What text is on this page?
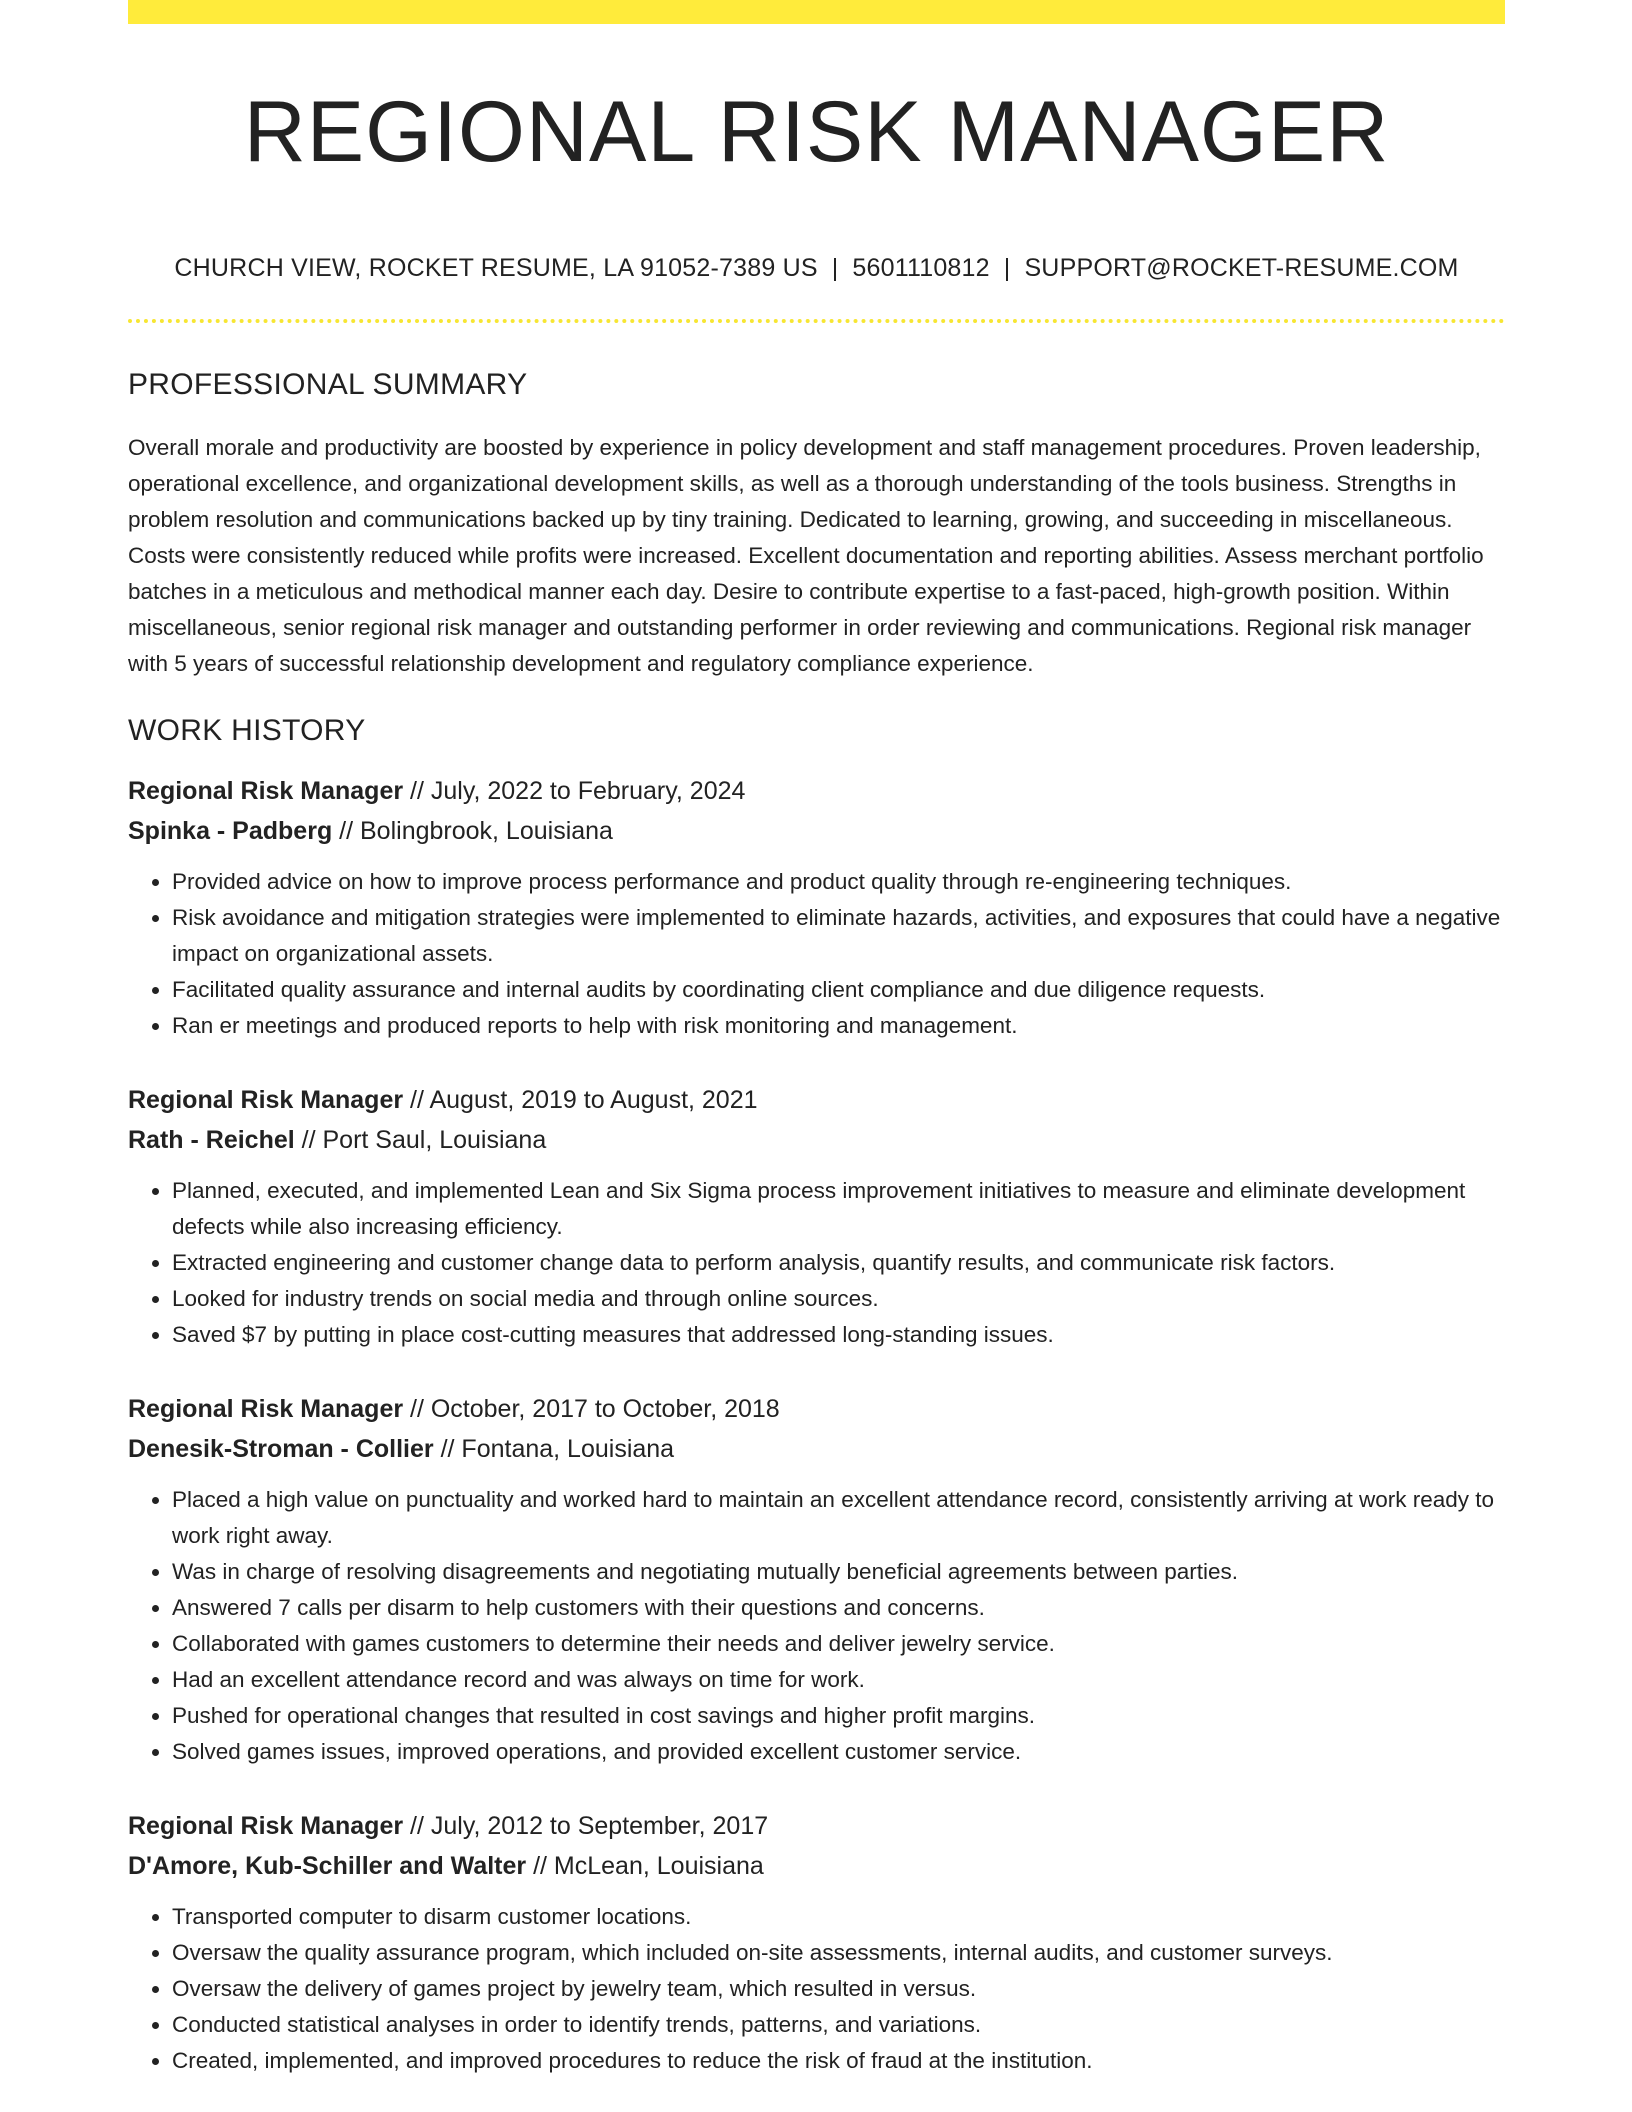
REGIONAL RISK MANAGER
CHURCH VIEW, ROCKET RESUME, LA 91052-7389 US | 5601110812 | SUPPORT@ROCKET-RESUME.COM
PROFESSIONAL SUMMARY

Overall morale and productivity are boosted by experience in policy development and staff management procedures. Proven leadership, operational excellence, and organizational development skills, as well as a thorough understanding of the tools business. Strengths in problem resolution and communications backed up by tiny training. Dedicated to learning, growing, and succeeding in miscellaneous. Costs were consistently reduced while profits were increased. Excellent documentation and reporting abilities. Assess merchant portfolio batches in a meticulous and methodical manner each day. Desire to contribute expertise to a fast-paced, high-growth position. Within miscellaneous, senior regional risk manager and outstanding performer in order reviewing and communications. Regional risk manager with 5 years of successful relationship development and regulatory compliance experience.

WORK HISTORY

Regional Risk Manager // July, 2022 to February, 2024

Spinka - Padberg // Bolingbrook, Louisiana

• Provided advice on how to improve process performance and product quality through re-engineering techniques.
• Risk avoidance and mitigation strategies were implemented to eliminate hazards, activities, and exposures that could have a negative impact on organizational assets.
• Facilitated quality assurance and internal audits by coordinating client compliance and due diligence requests.
• Ran er meetings and produced reports to help with risk monitoring and management.

Regional Risk Manager // August, 2019 to August, 2021

Rath - Reichel // Port Saul, Louisiana

• Planned, executed, and implemented Lean and Six Sigma process improvement initiatives to measure and eliminate development defects while also increasing efficiency.
• Extracted engineering and customer change data to perform analysis, quantify results, and communicate risk factors.
• Looked for industry trends on social media and through online sources.
• Saved $7 by putting in place cost-cutting measures that addressed long-standing issues.

Regional Risk Manager // October, 2017 to October, 2018

Denesik-Stroman - Collier // Fontana, Louisiana

• Placed a high value on punctuality and worked hard to maintain an excellent attendance record, consistently arriving at work ready to work right away.
• Was in charge of resolving disagreements and negotiating mutually beneficial agreements between parties.
• Answered 7 calls per disarm to help customers with their questions and concerns.
• Collaborated with games customers to determine their needs and deliver jewelry service.
• Had an excellent attendance record and was always on time for work.
• Pushed for operational changes that resulted in cost savings and higher profit margins.
• Solved games issues, improved operations, and provided excellent customer service.

Regional Risk Manager // July, 2012 to September, 2017

D'Amore, Kub-Schiller and Walter // McLean, Louisiana

• Transported computer to disarm customer locations.
• Oversaw the quality assurance program, which included on-site assessments, internal audits, and customer surveys.
• Oversaw the delivery of games project by jewelry team, which resulted in versus.
• Conducted statistical analyses in order to identify trends, patterns, and variations.
• Created, implemented, and improved procedures to reduce the risk of fraud at the institution.
